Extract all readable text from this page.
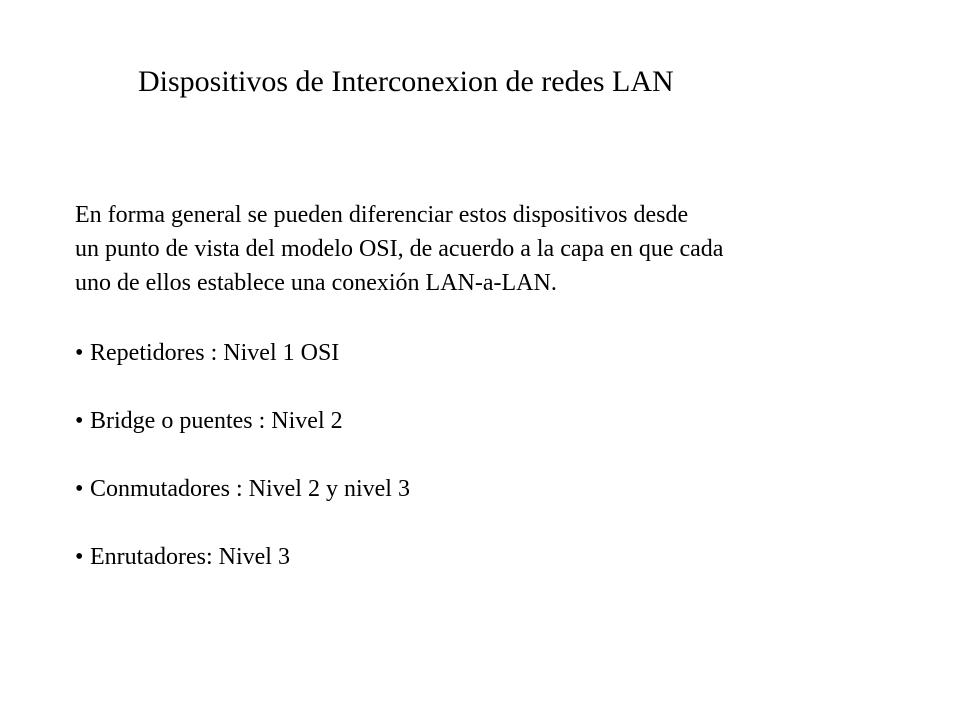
Dispositivos de Interconexion de redes LAN
En forma general se pueden diferenciar estos dispositivos desde
un punto de vista del modelo OSI, de acuerdo a la capa en que cada
uno de ellos establece una conexión LAN-a-LAN.
• Repetidores : Nivel 1 OSI
• Bridge o puentes : Nivel 2
• Conmutadores : Nivel 2 y nivel 3
• Enrutadores: Nivel 3
